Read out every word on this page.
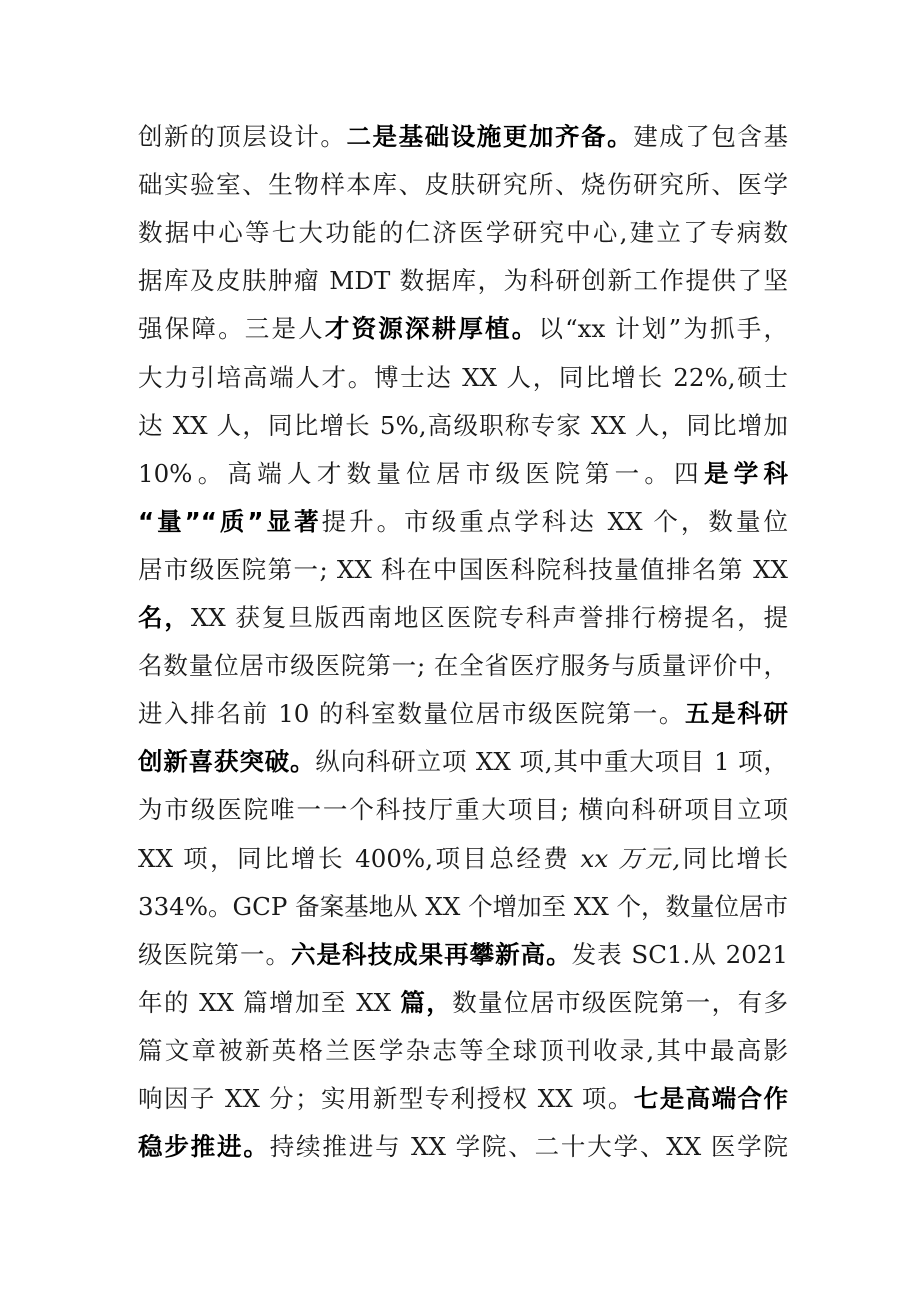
创新的顶层设计。二是基础设施更加齐备。建成了包含基
础实验室、生物样本库、皮肤研究所、烧伤研究所、医学
数据中心等七大功能的仁济医学研究中心,建立了专病数
据库及皮肤肿瘤 MDT 数据库，为科研创新工作提供了坚
强保障。三是人才资源深耕厚植。以“xx 计划”为抓手，
大力引培高端人才。博士达 XX 人，同比增长 22%,硕士
达 XX 人，同比增长 5%,高级职称专家 XX 人，同比增加
10%。高端人才数量位居市级医院第一。四是学科
“量”“质”显著提升。市级重点学科达 XX 个，数量位
居市级医院第一; XX 科在中国医科院科技量值排名第 XX
名，XX 获复旦版西南地区医院专科声誉排行榜提名，提
名数量位居市级医院第一; 在全省医疗服务与质量评价中，
进入排名前 10 的科室数量位居市级医院第一。五是科研
创新喜获突破。纵向科研立项 XX 项,其中重大项目 1 项，
为市级医院唯一一个科技厅重大项目; 横向科研项目立项
XX 项，同比增长 400%,项目总经费 xx 万元,同比增长
334%。GCP 备案基地从 XX 个增加至 XX 个，数量位居市
级医院第一。六是科技成果再攀新高。发表 SC1.从 2021
年的 XX 篇增加至 XX 篇，数量位居市级医院第一，有多
篇文章被新英格兰医学杂志等全球顶刊收录,其中最高影
响因子 XX 分；实用新型专利授权 XX 项。七是高端合作
稳步推进。持续推进与 XX 学院、二十大学、XX 医学院
